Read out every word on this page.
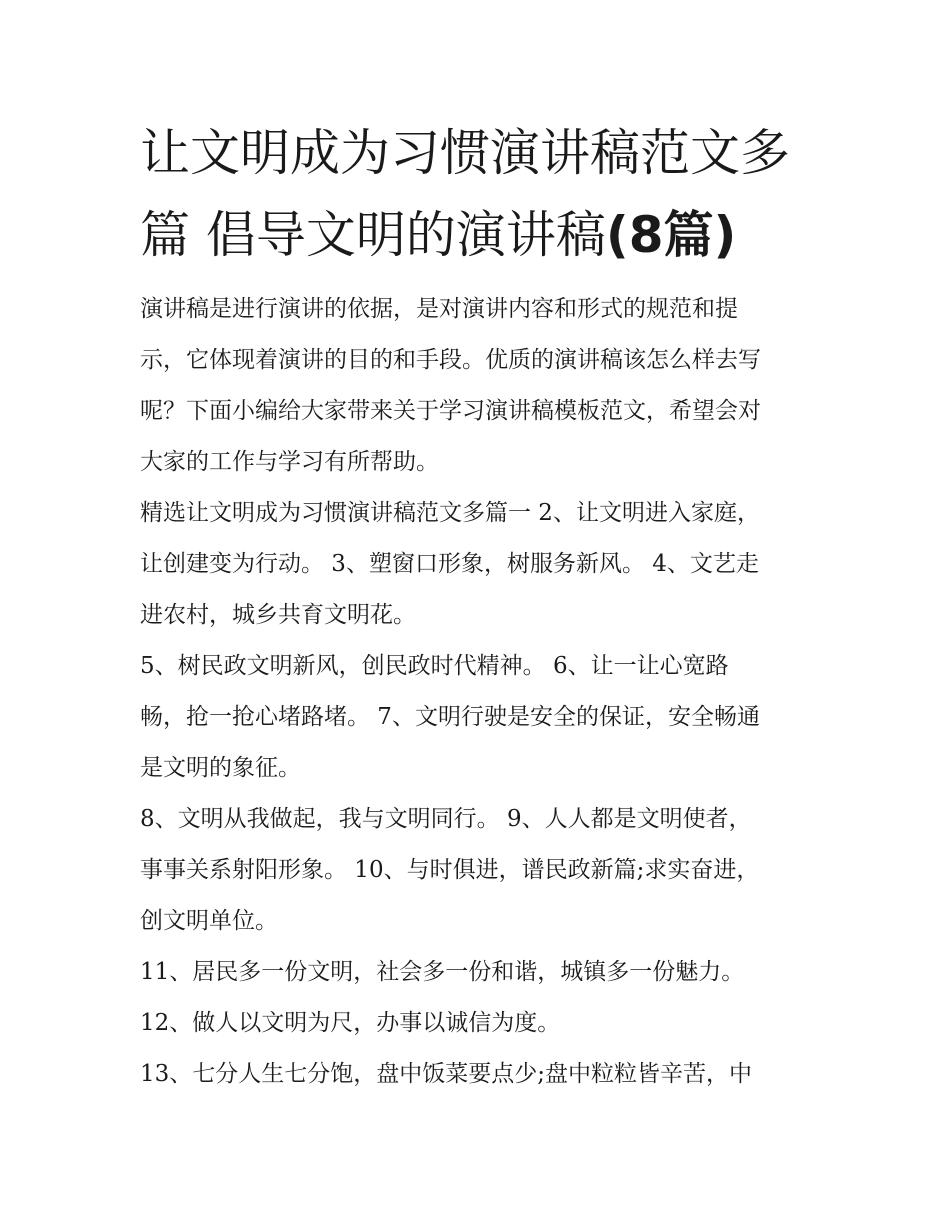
让文明成为习惯演讲稿范文多
篇 倡导文明的演讲稿(8篇)
演讲稿是进行演讲的依据，是对演讲内容和形式的规范和提
示，它体现着演讲的目的和手段。优质的演讲稿该怎么样去写
呢？下面小编给大家带来关于学习演讲稿模板范文，希望会对
大家的工作与学习有所帮助。
精选让文明成为习惯演讲稿范文多篇一 2、让文明进入家庭，
让创建变为行动。 3、塑窗口形象，树服务新风。 4、文艺走
进农村，城乡共育文明花。
5、树民政文明新风，创民政时代精神。 6、让一让心宽路
畅，抢一抢心堵路堵。 7、文明行驶是安全的保证，安全畅通
是文明的象征。
8、文明从我做起，我与文明同行。 9、人人都是文明使者，
事事关系射阳形象。 10、与时俱进，谱民政新篇;求实奋进，
创文明单位。
11、居民多一份文明，社会多一份和谐，城镇多一份魅力。
12、做人以文明为尺，办事以诚信为度。
13、七分人生七分饱，盘中饭菜要点少;盘中粒粒皆辛苦，中
